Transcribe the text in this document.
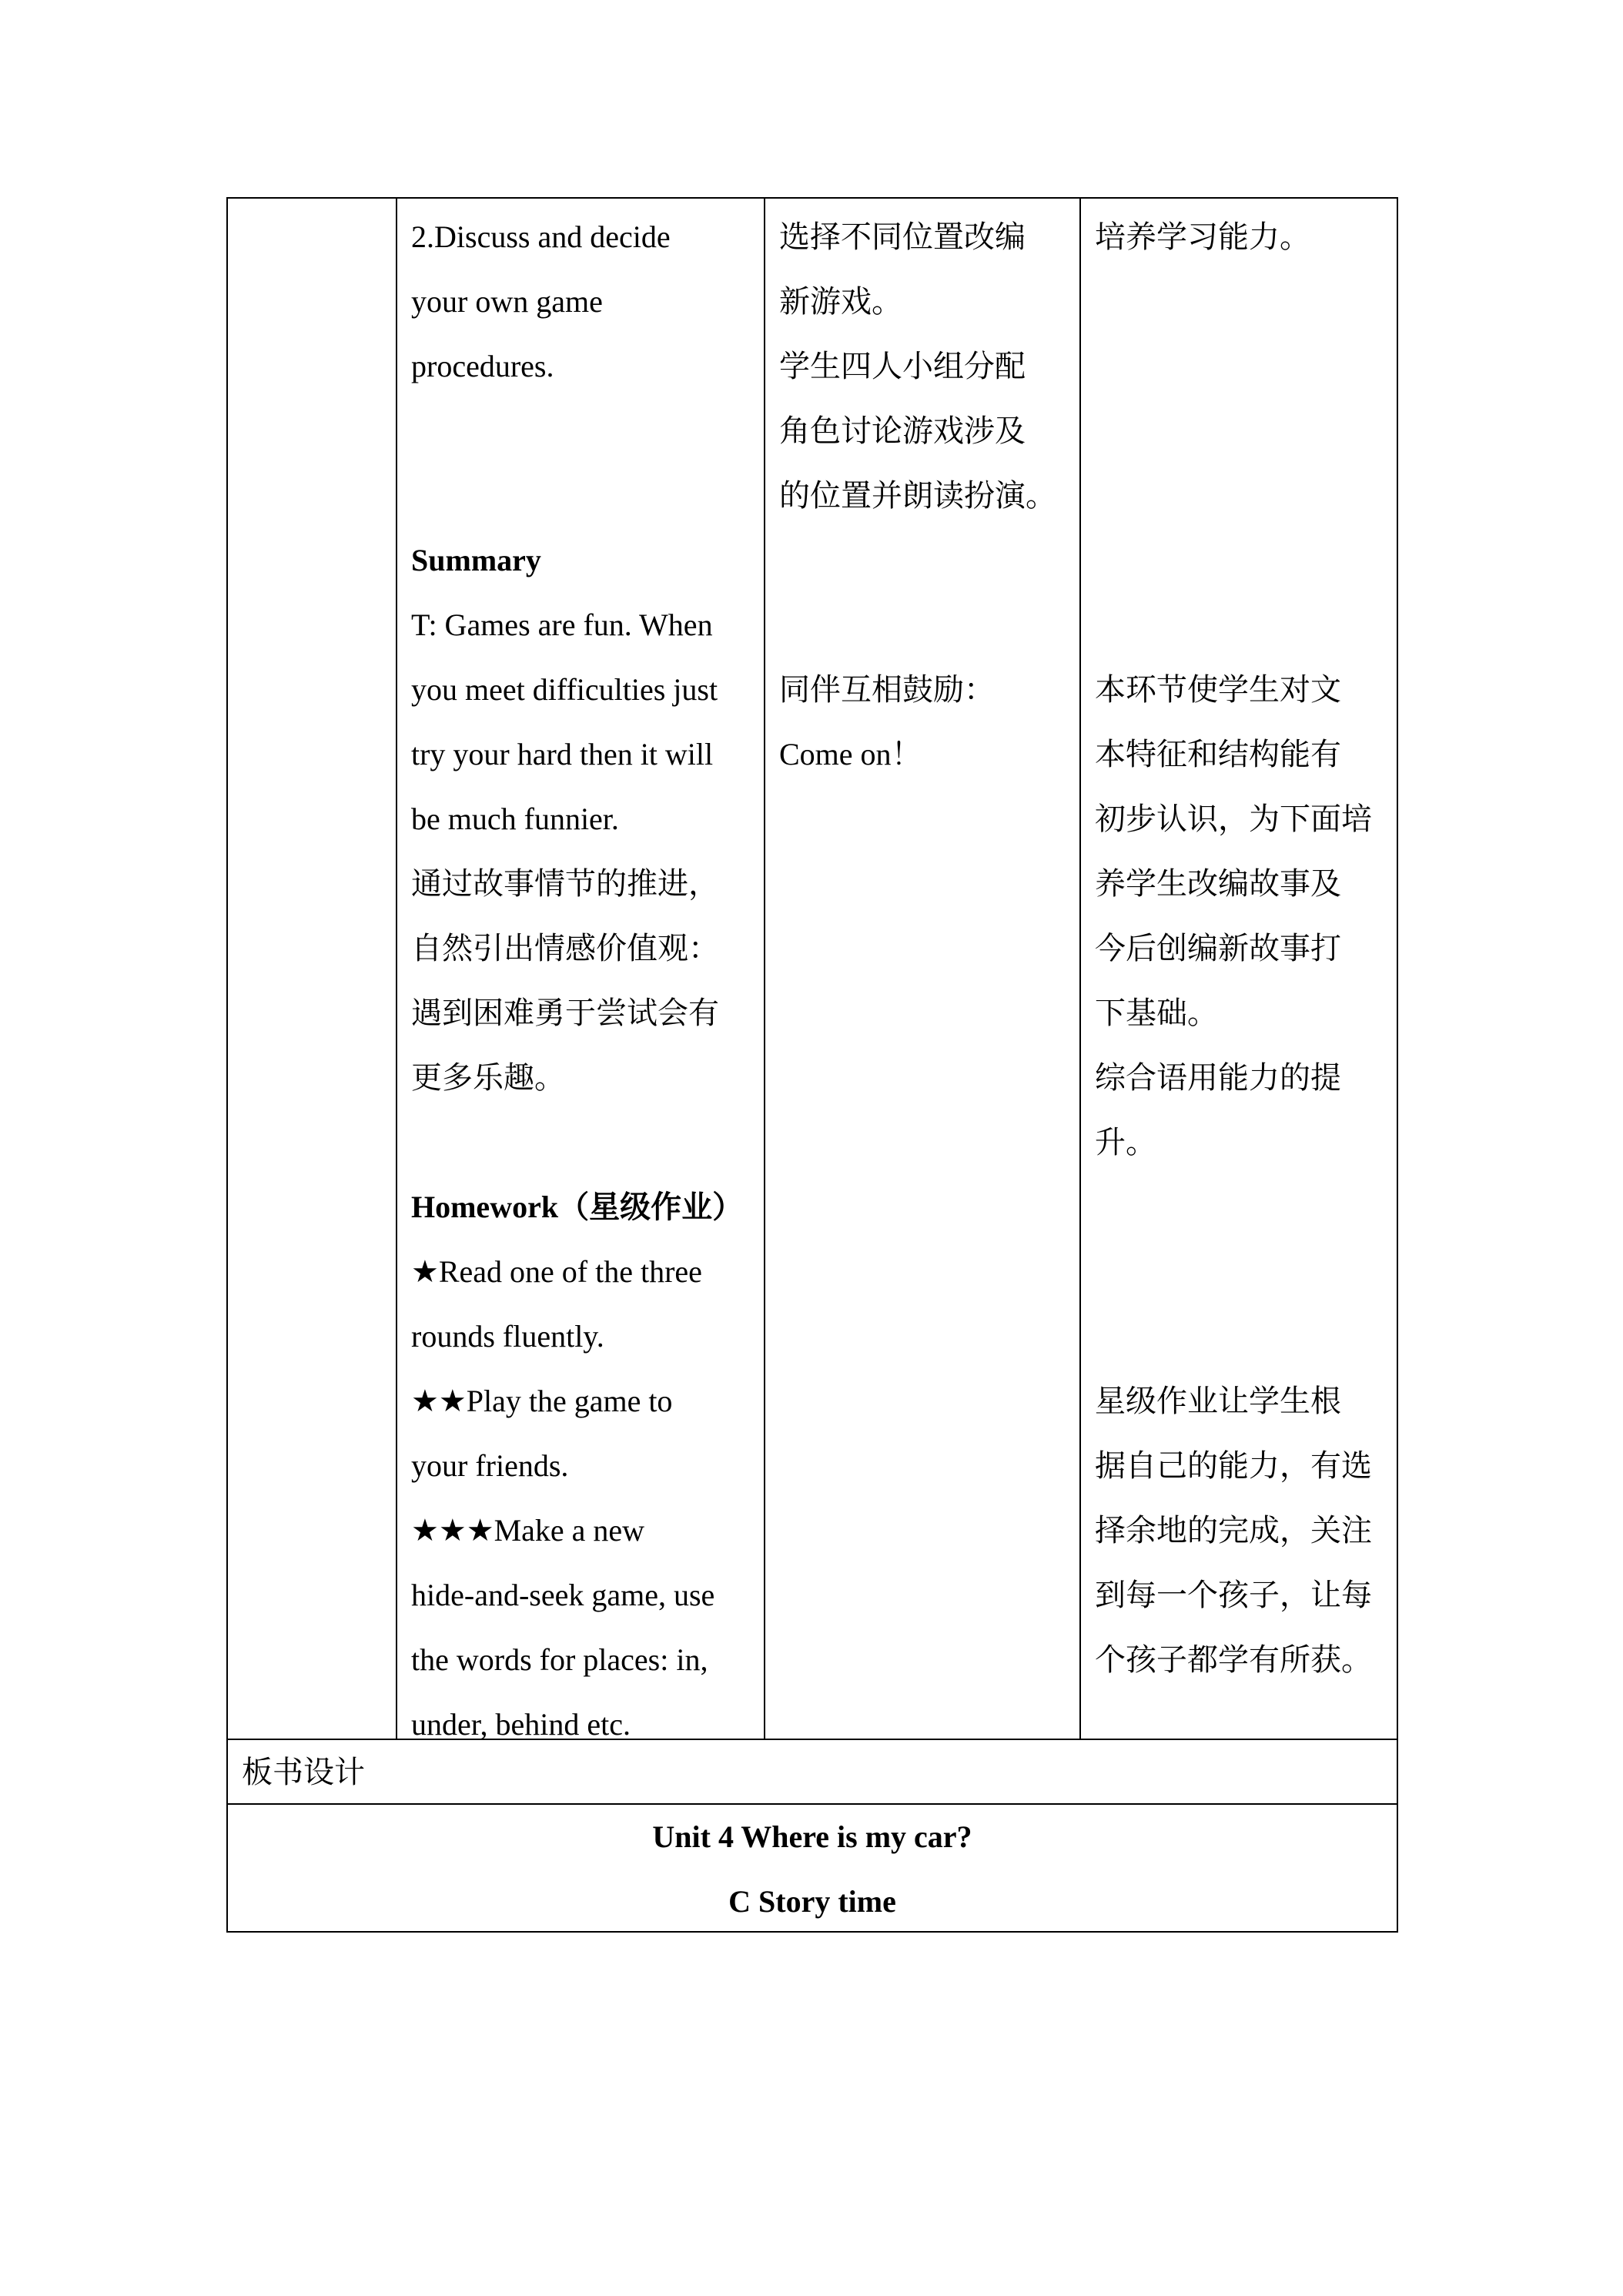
2.Discuss and decide

your own game

procedures.

Summary

T: Games are fun. When

you meet difficulties just

try your hard then it will

be much funnier.

通过故事情节的推进，

自然引出情感价值观：

遇到困难勇于尝试会有

更多乐趣。

Homework（星级作业）

★Read one of the three

rounds fluently.

★★Play the game to

your friends.

★★★Make a new

hide-and-seek game, use

the words for places: in,

under, behind etc.

选择不同位置改编

新游戏。

学生四人小组分配

角色讨论游戏涉及

的位置并朗读扮演。

同伴互相鼓励：

Come on！

培养学习能力。

本环节使学生对文

本特征和结构能有

初步认识，为下面培

养学生改编故事及

今后创编新故事打

下基础。

综合语用能力的提

升。

星级作业让学生根

据自己的能力，有选

择余地的完成，关注

到每一个孩子，让每

个孩子都学有所获。

板书设计

Unit 4 Where is my car?

C Story time
